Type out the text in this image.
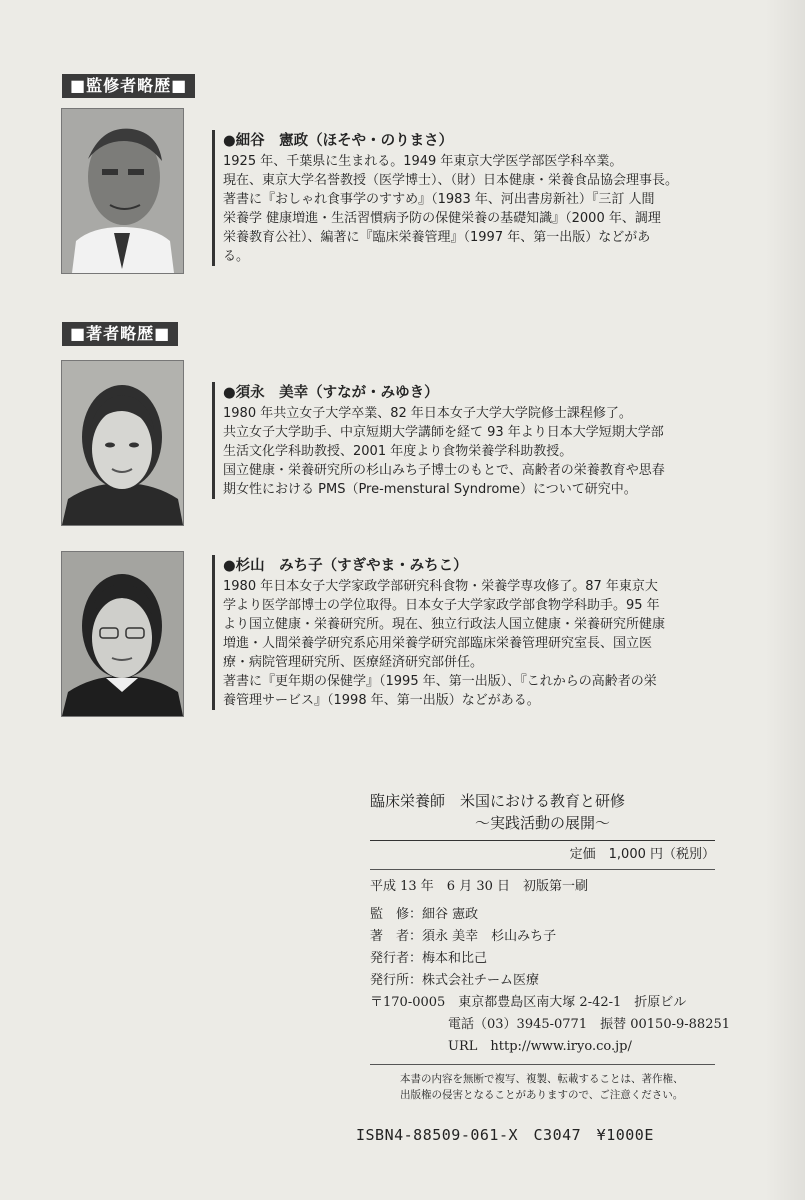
■監修者略歴■
●細谷　憲政（ほそや・のりまさ）
1925 年、千葉県に生まれる。1949 年東京大学医学部医学科卒業。
現在、東京大学名誉教授（医学博士）、（財）日本健康・栄養食品協会理事長。
著書に『おしゃれ食事学のすすめ』（1983 年、河出書房新社）『三訂 人間
栄養学 健康増進・生活習慣病予防の保健栄養の基礎知識』（2000 年、調理
栄養教育公社）、編著に『臨床栄養管理』（1997 年、第一出版）などがあ
る。
■著者略歴■
●須永　美幸（すなが・みゆき）
1980 年共立女子大学卒業、82 年日本女子大学大学院修士課程修了。
共立女子大学助手、中京短期大学講師を経て 93 年より日本大学短期大学部
生活文化学科助教授、2001 年度より食物栄養学科助教授。
国立健康・栄養研究所の杉山みち子博士のもとで、高齢者の栄養教育や思春
期女性における PMS（Pre-menstural Syndrome）について研究中。
●杉山　みち子（すぎやま・みちこ）
1980 年日本女子大学家政学部研究科食物・栄養学専攻修了。87 年東京大
学より医学部博士の学位取得。日本女子大学家政学部食物学科助手。95 年
より国立健康・栄養研究所。現在、独立行政法人国立健康・栄養研究所健康
増進・人間栄養学研究系応用栄養学研究部臨床栄養管理研究室長、国立医
療・病院管理研究所、医療経済研究部併任。
著書に『更年期の保健学』（1995 年、第一出版）、『これからの高齢者の栄
養管理サービス』（1998 年、第一出版）などがある。
臨床栄養師　米国における教育と研修
～実践活動の展開～
定価　1,000 円（税別）
平成 13 年　6 月 30 日　初版第一刷
監　修：細谷 憲政
著　者：須永 美幸　杉山みち子
発行者：梅本和比己
発行所：株式会社チーム医療
〒170-0005　東京都豊島区南大塚 2-42-1　折原ビル
　　　　　　電話（03）3945-0771　振替 00150-9-88251
　　　　　　URL　http://www.iryo.co.jp/
本書の内容を無断で複写、複製、転載することは、著作権、
出版権の侵害となることがありますので、ご注意ください。
ISBN4-88509-061-X　C3047　¥1000E
